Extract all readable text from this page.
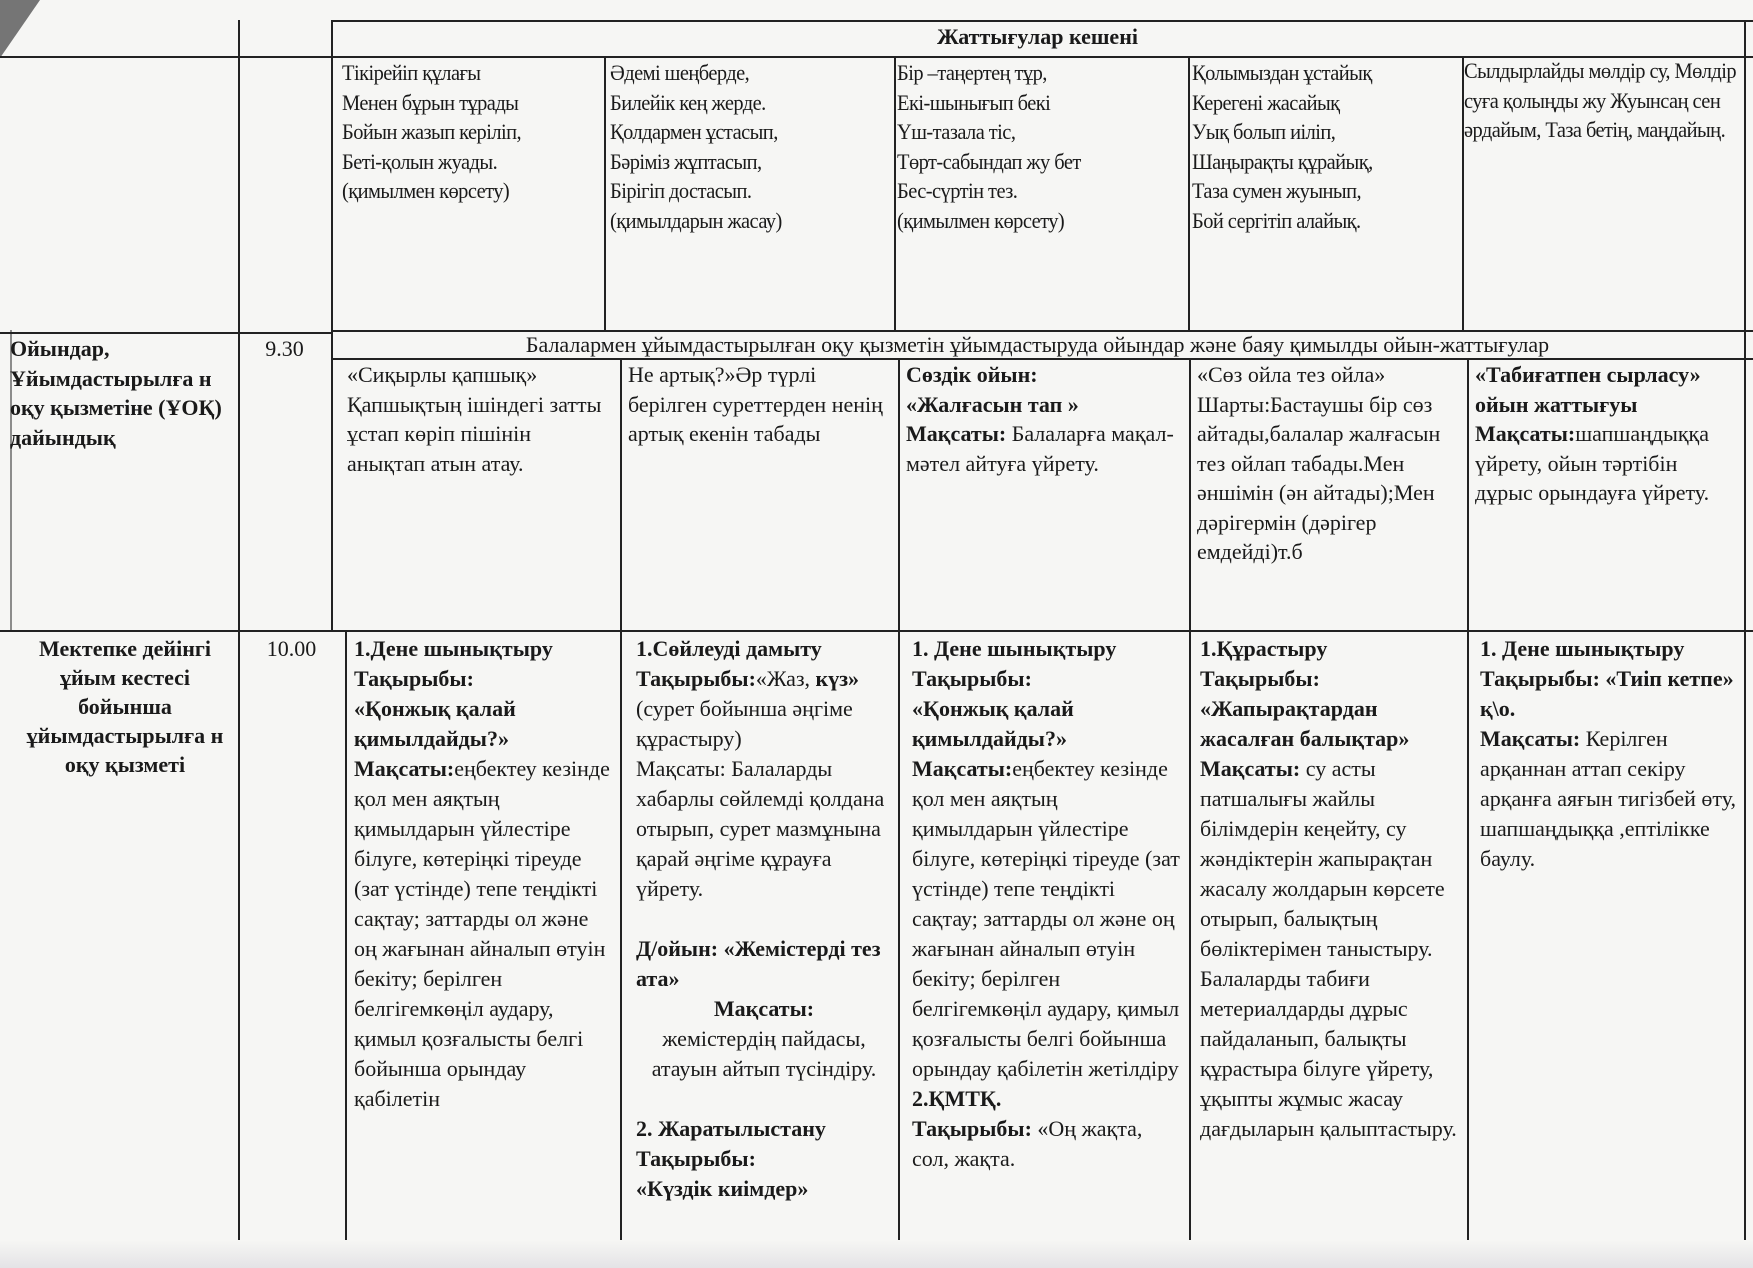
Жаттығулар кешені
Тікірейіп құлағы
Менен бұрын тұрады
Бойын жазып керіліп,
Беті-қолын жуады.
(қимылмен көрсету)
Әдемі шеңберде,
Билейік кең жерде.
Қолдармен ұстасып,
Бәріміз жұптасып,
Бірігіп достасып.
(қимылдарын жасау)
Бір –таңертең тұр,
Екі-шынығып бекі
Үш-тазала тіс,
Төрт-сабындап жу бет
Бес-сүртін тез.
(қимылмен көрсету)
Қолымыздан ұстайық
Керегені жасайық
Уық болып иіліп,
Шаңырақты құрайық,
Таза сумен жуынып,
Бой сергітіп алайық.
Сылдырлайды мөлдір су, Мөлдір суға қолыңды жу Жуынсаң сен әрдайым, Таза бетің, маңдайың.
Ойындар, Ұйымдастырылға н оқу қызметіне (ҰОҚ) дайындық
9.30	Балалармен ұйымдастырылған оқу қызметін ұйымдастыруда ойындар және баяу қимылды ойын-жаттығулар
«Сиқырлы қапшық»
Қапшықтың ішіндегі затты ұстап көріп пішінін анықтап атын атау.
Не артық?»Әр түрлі берілген суреттерден ненің артық екенін табады
Сөздік ойын:
«Жалғасын тап »
Мақсаты: Балаларға мақал-мәтел айтуға үйрету.
«Сөз ойла тез ойла»
Шарты:Бастаушы бір сөз айтады,балалар жалғасын тез ойлап табады.Мен әншімін (ән айтады);Мен дәрігермін (дәрігер емдейді)т.б
«Табиғатпен сырласу» ойын жаттығуы
Мақсаты:шапшаңдыққа үйрету, ойын тәртібін дұрыс орындауға үйрету.
Мектепке дейінгі ұйым кестесі бойынша ұйымдастырылға н оқу қызметі
10.00	1.Дене шынықтыру
Тақырыбы:
«Қонжық қалай қимылдайды?»
Мақсаты:еңбектеу кезінде қол мен аяқтың қимылдарын үйлестіре білуге, көтеріңкі тіреуде (зат үстінде) тепе теңдікті сақтау; заттарды ол және оң жағынан айналып өтуін бекіту; берілген белгігемкөңіл аудару, қимыл қозғалысты белгі бойынша орындау қабілетін
1.Сөйлеуді дамыту
Тақырыбы:«Жаз, күз» (сурет бойынша әңгіме құрастыру)
Мақсаты: Балаларды хабарлы сөйлемді қолдана отырып, сурет мазмұнына қарай әңгіме құрауға үйрету.

Д/ойын: «Жемістерді тез ата»
Мақсаты:
жемістердің пайдасы, атауын айтып түсіндіру.

2. Жаратылыстану
Тақырыбы:
«Күздік киімдер»
1. Дене шынықтыру
Тақырыбы:
«Қонжық қалай қимылдайды?»
Мақсаты:еңбектеу кезінде қол мен аяқтың қимылдарын үйлестіре білуге, көтеріңкі тіреуде (зат үстінде) тепе теңдікті сақтау; заттарды ол және оң жағынан айналып өтуін бекіту; берілген белгігемкөңіл аудару, қимыл қозғалысты белгі бойынша орындау қабілетін жетілдіру
2.ҚМТҚ.
Тақырыбы: «Оң жақта, сол, жақта.
1.Құрастыру
Тақырыбы:
«Жапырақтардан жасалған балықтар»
Мақсаты: су асты патшалығы жайлы білімдерін кеңейту, су жәндіктерін жапырақтан жасалу жолдарын көрсете отырып, балықтың бөліктерімен таныстыру. Балаларды табиғи метериалдарды дұрыс пайдаланып, балықты құрастыра білуге үйрету, ұқыпты жұмыс жасау дағдыларын қалыптастыру.
1. Дене шынықтыру
Тақырыбы: «Тиіп кетпе» қ\о.
Мақсаты: Керілген арқаннан аттап секіру арқанға аяғын тигізбей өту, шапшаңдыққа ,ептілікке баулу.
